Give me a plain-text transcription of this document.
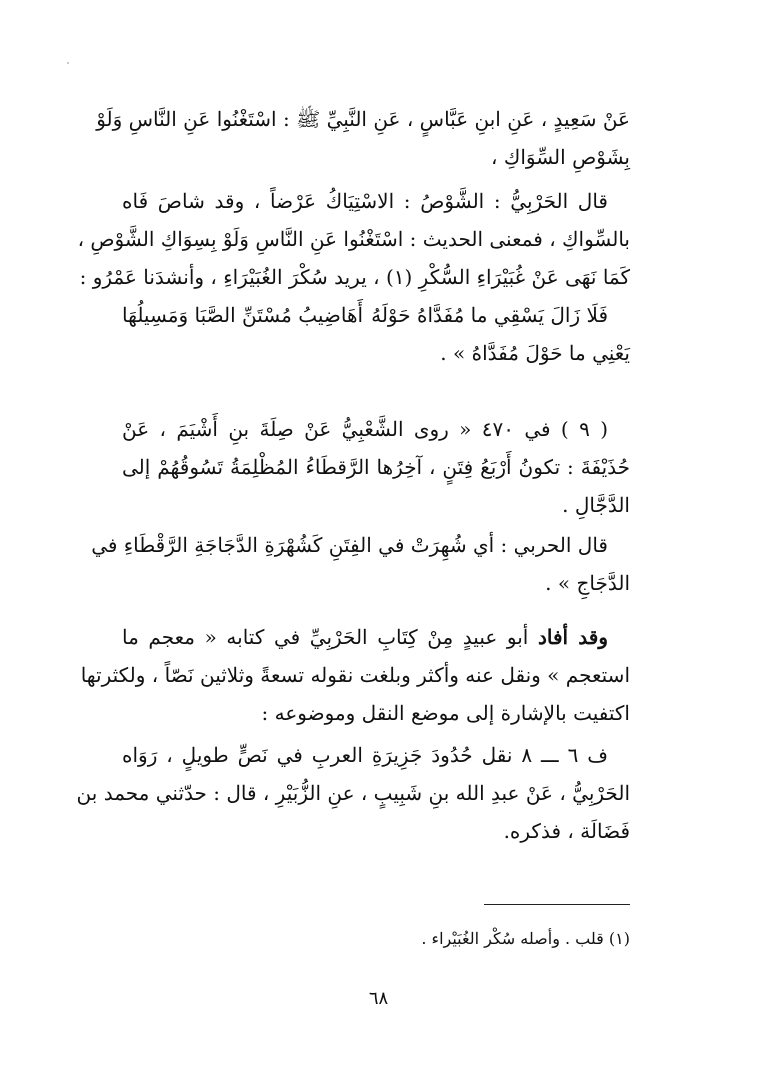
عَنْ سَعِيدٍ ، عَنِ ابنِ عَبَّاسٍ ، عَنِ النَّبِيِّ ﷺ : اسْتَغْنُوا عَنِ النَّاسِ وَلَوْ
بِشَوْصِ السِّوَاكِ ،
قال الحَرْبِيُّ : الشَّوْصُ : الاسْتِيَاكُ عَرْضاً ، وقد شاصَ فَاه
بالسِّواكِ ، فمعنى الحديث : اسْتَغْنُوا عَنِ النَّاسِ وَلَوْ بِسِوَاكِ الشَّوْصِ ،
كَمَا نَهَى عَنْ غُبَيْرَاءِ السُّكْرِ (١) ، يريد سُكْرَ الغُبَيْرَاءِ ، وأنشدَنا عَمْرُو :
فَلَا زَالَ يَسْقِي ما مُفَدَّاهُ حَوْلَهُ
أَهَاضِيبُ مُسْتَنِّ الصَّبَا وَمَسِيلُهَا
يَعْنِي ما حَوْلَ مُفَدَّاهُ » .
( ٩ ) في ٤٧٠ « روى الشَّعْبِيُّ عَنْ صِلَةَ بنِ أَشْيَمَ ، عَنْ
حُذَيْفَةَ : تكونُ أَرْبَعُ فِتَنٍ ، آخِرُها الرَّقطَاءُ المُظْلِمَةُ تَسُوقُهُمْ إلى
الدَّجَّالِ .
قال الحربي : أي شُهِرَتْ في الفِتَنِ كَشُهْرَةِ الدَّجَاجَةِ الرَّقْطَاءِ في
الدَّجَاجِ » .
وقد أفاد أبو عبيدٍ مِنْ كِتَابِ الحَرْبِيِّ في كتابه « معجم ما
استعجم » ونقل عنه وأكثر وبلغت نقوله تسعةً وثلاثين نَصّاً ، ولكثرتها
اكتفيت بالإشارة إلى موضع النقل وموضوعه :
ف ٦ ـــ ٨ نقل حُدُودَ جَزِيرَةِ العربِ في نَصٍّ طويلٍ ، رَوَاه
الحَرْبِيُّ ، عَنْ عبدِ الله بنِ شَبِيبٍ ، عنِ الزُّبَيْرِ ، قال : حدّثني محمد بن
فَضَالَة ، فذكره.
(١) قلب . وأصله سُكْر الغُبَيْراء .
٦٨
